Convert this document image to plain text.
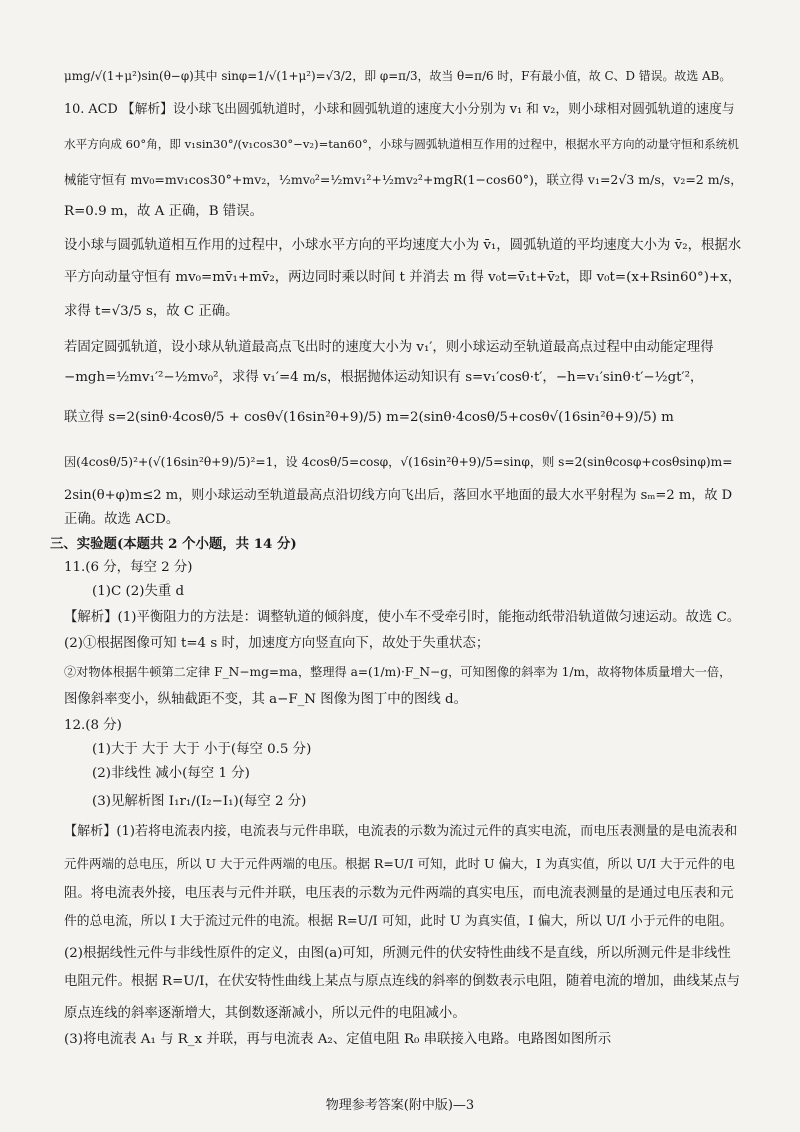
μmg/√(1+μ²)sin(θ−φ)其中 sinφ=1/√(1+μ²)=√3/2，即 φ=π/3，故当 θ=π/6 时，F有最小值，故 C、D 错误。故选 AB。
10. ACD 【解析】设小球飞出圆弧轨道时，小球和圆弧轨道的速度大小分别为 v₁ 和 v₂，则小球相对圆弧轨道的速度与
水平方向成 60°角，即 v₁sin30°/(v₁cos30°−v₂)=tan60°，小球与圆弧轨道相互作用的过程中，根据水平方向的动量守恒和系统机
械能守恒有 mv₀=mv₁cos30°+mv₂，½mv₀²=½mv₁²+½mv₂²+mgR(1−cos60°)，联立得 v₁=2√3 m/s，v₂=2 m/s，
R=0.9 m，故 A 正确，B 错误。
设小球与圆弧轨道相互作用的过程中，小球水平方向的平均速度大小为 v̄₁，圆弧轨道的平均速度大小为 v̄₂，根据水
平方向动量守恒有 mv₀=mv̄₁+mv̄₂，两边同时乘以时间 t 并消去 m 得 v₀t=v̄₁t+v̄₂t，即 v₀t=(x+Rsin60°)+x，
求得 t=√3/5 s，故 C 正确。
若固定圆弧轨道，设小球从轨道最高点飞出时的速度大小为 v₁′，则小球运动至轨道最高点过程中由动能定理得
−mgh=½mv₁′²−½mv₀²，求得 v₁′=4 m/s，根据抛体运动知识有 s=v₁′cosθ·t′，−h=v₁′sinθ·t′−½gt′²，
联立得 s=2(sinθ·4cosθ/5 + cosθ√(16sin²θ+9)/5) m=2(sinθ·4cosθ/5+cosθ√(16sin²θ+9)/5) m
因(4cosθ/5)²+(√(16sin²θ+9)/5)²=1，设 4cosθ/5=cosφ，√(16sin²θ+9)/5=sinφ，则 s=2(sinθcosφ+cosθsinφ)m=
2sin(θ+φ)m≤2 m，则小球运动至轨道最高点沿切线方向飞出后，落回水平地面的最大水平射程为 sₘ=2 m，故 D
正确。故选 ACD。
三、实验题(本题共 2 个小题，共 14 分)
11.(6 分，每空 2 分)
(1)C (2)失重 d
【解析】(1)平衡阻力的方法是：调整轨道的倾斜度，使小车不受牵引时，能拖动纸带沿轨道做匀速运动。故选 C。
(2)①根据图像可知 t=4 s 时，加速度方向竖直向下，故处于失重状态；
②对物体根据牛顿第二定律 F_N−mg=ma，整理得 a=(1/m)·F_N−g，可知图像的斜率为 1/m，故将物体质量增大一倍，
图像斜率变小，纵轴截距不变，其 a−F_N 图像为图丁中的图线 d。
12.(8 分)
(1)大于 大于 大于 小于(每空 0.5 分)
(2)非线性 减小(每空 1 分)
(3)见解析图 I₁r₁/(I₂−I₁)(每空 2 分)
【解析】(1)若将电流表内接，电流表与元件串联，电流表的示数为流过元件的真实电流，而电压表测量的是电流表和
元件两端的总电压，所以 U 大于元件两端的电压。根据 R=U/I 可知，此时 U 偏大，I 为真实值，所以 U/I 大于元件的电
阻。将电流表外接，电压表与元件并联，电压表的示数为元件两端的真实电压，而电流表测量的是通过电压表和元
件的总电流，所以 I 大于流过元件的电流。根据 R=U/I 可知，此时 U 为真实值，I 偏大，所以 U/I 小于元件的电阻。
(2)根据线性元件与非线性原件的定义，由图(a)可知，所测元件的伏安特性曲线不是直线，所以所测元件是非线性
电阻元件。根据 R=U/I，在伏安特性曲线上某点与原点连线的斜率的倒数表示电阻，随着电流的增加，曲线某点与
原点连线的斜率逐渐增大，其倒数逐渐减小，所以元件的电阻减小。
(3)将电流表 A₁ 与 R_x 并联，再与电流表 A₂、定值电阻 R₀ 串联接入电路。电路图如图所示
物理参考答案(附中版)—3
